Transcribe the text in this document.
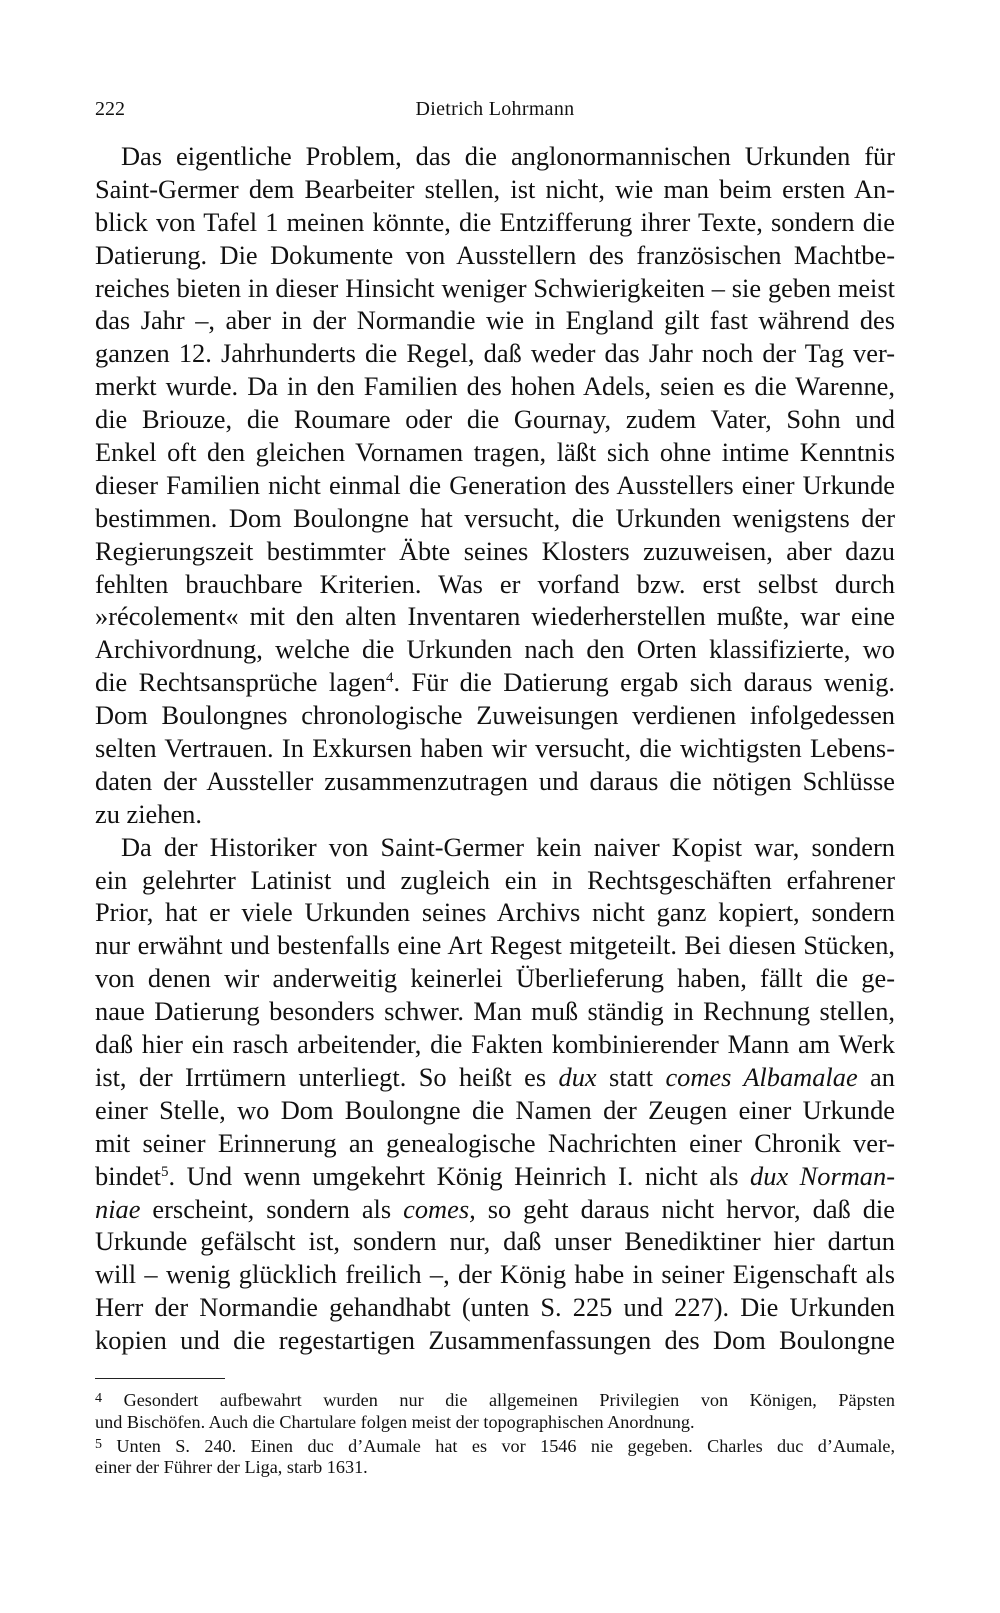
222	Dietrich Lohrmann
Das eigentliche Problem, das die anglonormannischen Urkunden für
Saint-Germer dem Bearbeiter stellen, ist nicht, wie man beim ersten An-
blick von Tafel 1 meinen könnte, die Entzifferung ihrer Texte, sondern die
Datierung. Die Dokumente von Ausstellern des französischen Machtbe-
reiches bieten in dieser Hinsicht weniger Schwierigkeiten – sie geben meist
das Jahr –, aber in der Normandie wie in England gilt fast während des
ganzen 12. Jahrhunderts die Regel, daß weder das Jahr noch der Tag ver-
merkt wurde. Da in den Familien des hohen Adels, seien es die Warenne,
die Briouze, die Roumare oder die Gournay, zudem Vater, Sohn und
Enkel oft den gleichen Vornamen tragen, läßt sich ohne intime Kenntnis
dieser Familien nicht einmal die Generation des Ausstellers einer Urkunde
bestimmen. Dom Boulongne hat versucht, die Urkunden wenigstens der
Regierungszeit bestimmter Äbte seines Klosters zuzuweisen, aber dazu
fehlten brauchbare Kriterien. Was er vorfand bzw. erst selbst durch
»récolement« mit den alten Inventaren wiederherstellen mußte, war eine
Archivordnung, welche die Urkunden nach den Orten klassifizierte, wo
die Rechtsansprüche lagen$^4$. Für die Datierung ergab sich daraus wenig.
Dom Boulongnes chronologische Zuweisungen verdienen infolgedessen
selten Vertrauen. In Exkursen haben wir versucht, die wichtigsten Lebens-
daten der Aussteller zusammenzutragen und daraus die nötigen Schlüsse
zu ziehen.
Da der Historiker von Saint-Germer kein naiver Kopist war, sondern
ein gelehrter Latinist und zugleich ein in Rechtsgeschäften erfahrener
Prior, hat er viele Urkunden seines Archivs nicht ganz kopiert, sondern
nur erwähnt und bestenfalls eine Art Regest mitgeteilt. Bei diesen Stücken,
von denen wir anderweitig keinerlei Überlieferung haben, fällt die ge-
naue Datierung besonders schwer. Man muß ständig in Rechnung stellen,
daß hier ein rasch arbeitender, die Fakten kombinierender Mann am Werk
ist, der Irrtümern unterliegt. So heißt es dux statt comes Albamalae an
einer Stelle, wo Dom Boulongne die Namen der Zeugen einer Urkunde
mit seiner Erinnerung an genealogische Nachrichten einer Chronik ver-
bindet$^5$. Und wenn umgekehrt König Heinrich I. nicht als dux Norman-
niae erscheint, sondern als comes, so geht daraus nicht hervor, daß die
Urkunde gefälscht ist, sondern nur, daß unser Benediktiner hier dartun
will – wenig glücklich freilich –, der König habe in seiner Eigenschaft als
Herr der Normandie gehandhabt (unten S. 225 und 227). Die Urkunden
kopien und die regestartigen Zusammenfassungen des Dom Boulongne
$^4$ Gesondert aufbewahrt wurden nur die allgemeinen Privilegien von Königen, Päpsten
und Bischöfen. Auch die Chartulare folgen meist der topographischen Anordnung.
$^5$ Unten S. 240. Einen duc d’Aumale hat es vor 1546 nie gegeben. Charles duc d’Aumale,
einer der Führer der Liga, starb 1631.
